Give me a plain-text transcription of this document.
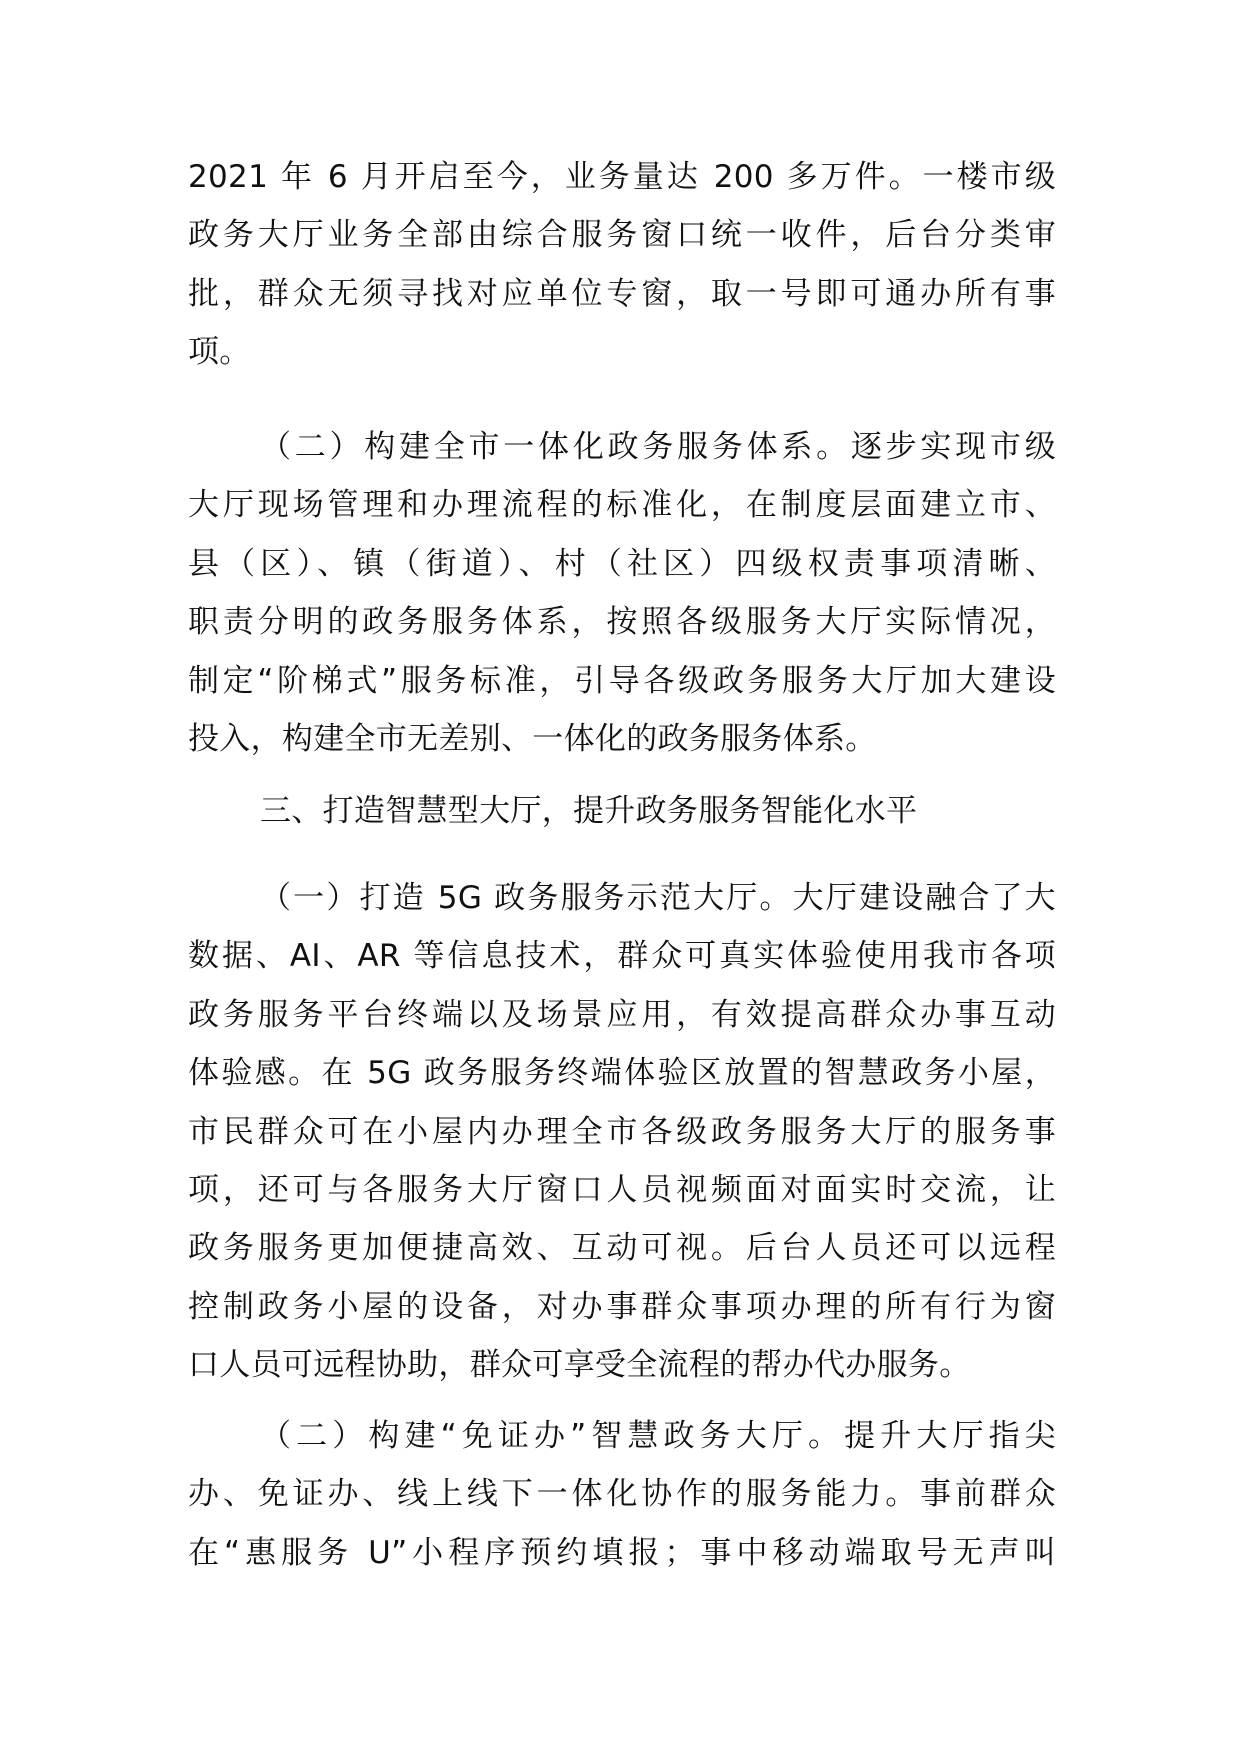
2021 年 6 月开启至今，业务量达 200 多万件。一楼市级
政务大厅业务全部由综合服务窗口统一收件，后台分类审
批，群众无须寻找对应单位专窗，取一号即可通办所有事
项。
（二）构建全市一体化政务服务体系。逐步实现市级
大厅现场管理和办理流程的标准化，在制度层面建立市、
县（区）、镇（街道）、村（社区）四级权责事项清晰、
职责分明的政务服务体系，按照各级服务大厅实际情况，
制定“阶梯式”服务标准，引导各级政务服务大厅加大建设
投入，构建全市无差别、一体化的政务服务体系。
三、打造智慧型大厅，提升政务服务智能化水平
（一）打造 5G 政务服务示范大厅。大厅建设融合了大
数据、AI、AR 等信息技术，群众可真实体验使用我市各项
政务服务平台终端以及场景应用，有效提高群众办事互动
体验感。在 5G 政务服务终端体验区放置的智慧政务小屋，
市民群众可在小屋内办理全市各级政务服务大厅的服务事
项，还可与各服务大厅窗口人员视频面对面实时交流，让
政务服务更加便捷高效、互动可视。后台人员还可以远程
控制政务小屋的设备，对办事群众事项办理的所有行为窗
口人员可远程协助，群众可享受全流程的帮办代办服务。
（二）构建“免证办”智慧政务大厅。提升大厅指尖
办、免证办、线上线下一体化协作的服务能力。事前群众
在“惠服务 U”小程序预约填报；事中移动端取号无声叫
